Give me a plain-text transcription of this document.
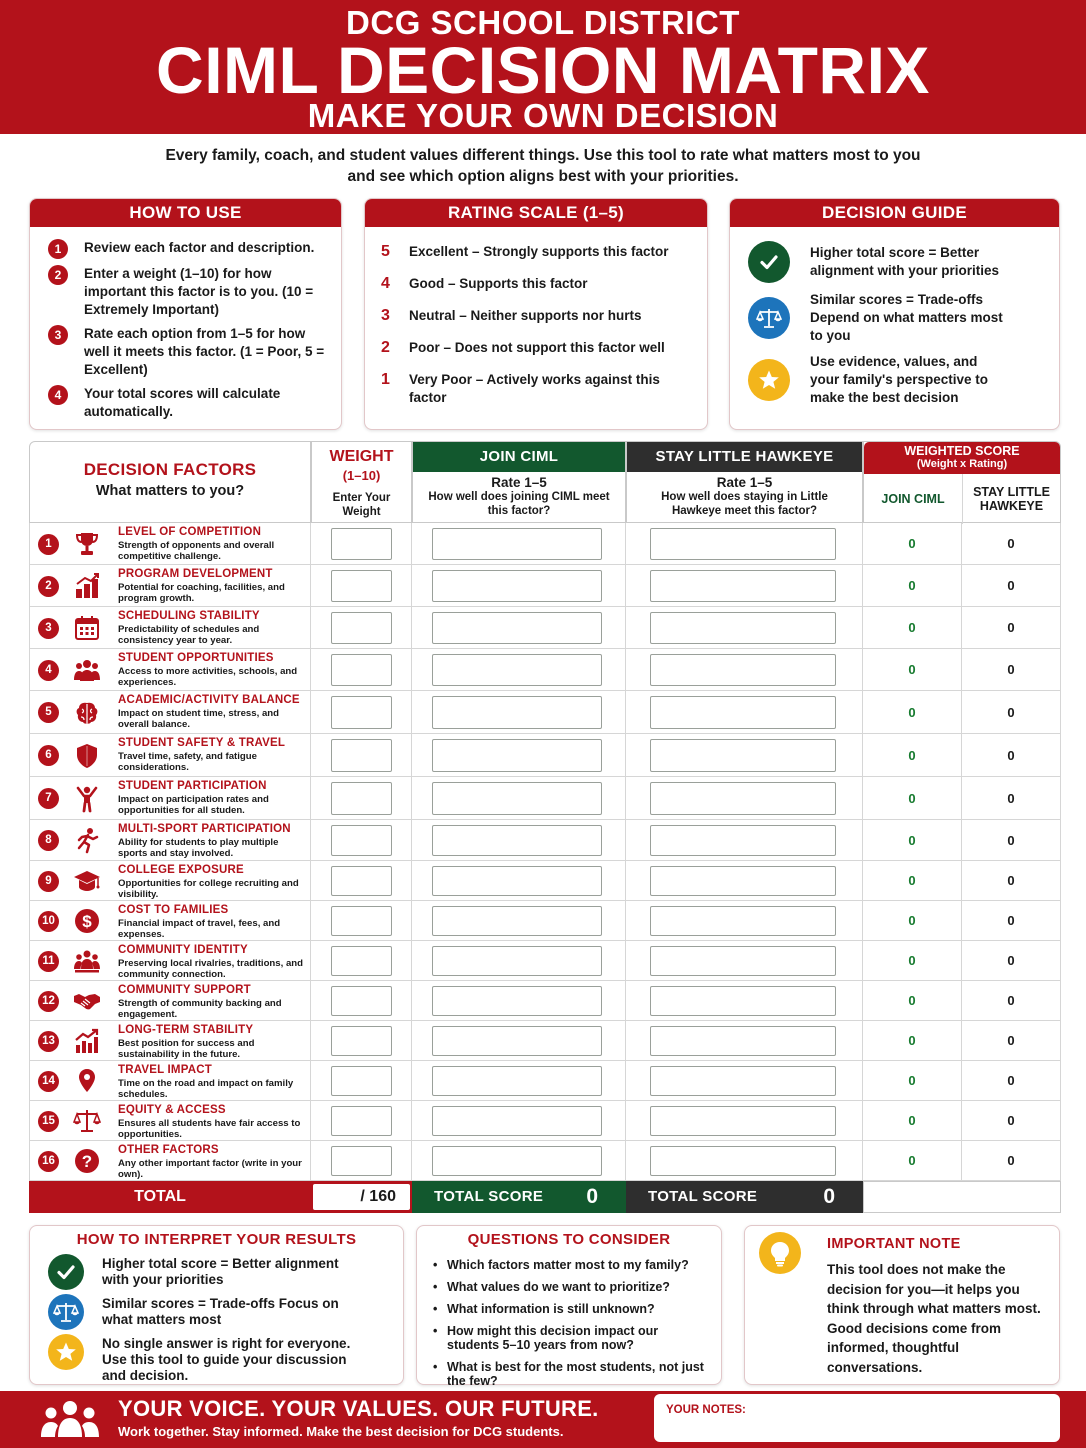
DCG SCHOOL DISTRICT
CIML DECISION MATRIX
MAKE YOUR OWN DECISION
Every family, coach, and student values different things. Use this tool to rate what matters most to you
and see which option aligns best with your priorities.
HOW TO USE
1	Review each factor and description.
2	Enter a weight (1–10) for how important this factor is to you. (10 = Extremely Important)
3	Rate each option from 1–5 for how well it meets this factor. (1 = Poor, 5 = Excellent)
4	Your total scores will calculate automatically.
RATING SCALE (1–5)
5	Excellent – Strongly supports this factor
4	Good – Supports this factor
3	Neutral – Neither supports nor hurts
2	Poor – Does not support this factor well
1	Very Poor – Actively works against this factor
DECISION GUIDE
Higher total score = Better alignment with your priorities
Similar scores = Trade-offs Depend on what matters most to you
Use evidence, values, and your family's perspective to make the best decision
DECISION FACTORS
What matters to you?
WEIGHT
(1–10)
Enter Your Weight
JOIN CIML
Rate 1–5
How well does joining CIML meet this factor?
STAY LITTLE HAWKEYE
Rate 1–5
How well does staying in Little Hawkeye meet this factor?
WEIGHTED SCORE
(Weight x Rating)
JOIN CIML	STAY LITTLE HAWKEYE
1
LEVEL OF COMPETITION
Strength of opponents and overall competitive challenge.
0	0
2
PROGRAM DEVELOPMENT
Potential for coaching, facilities, and program growth.
0	0
3
SCHEDULING STABILITY
Predictability of schedules and consistency year to year.
0	0
4
STUDENT OPPORTUNITIES
Access to more activities, schools, and experiences.
0	0
5
ACADEMIC/ACTIVITY BALANCE
Impact on student time, stress, and overall balance.
0	0
6
STUDENT SAFETY & TRAVEL
Travel time, safety, and fatigue considerations.
0	0
7
STUDENT PARTICIPATION
Impact on participation rates and opportunities for all studen.
0	0
8
MULTI-SPORT PARTICIPATION
Ability for students to play multiple sports and stay involved.
0	0
9
COLLEGE EXPOSURE
Opportunities for college recruiting and visibility.
0	0
10 $
COST TO FAMILIES
Financial impact of travel, fees, and expenses.
0	0
11
COMMUNITY IDENTITY
Preserving local rivalries, traditions, and community connection.
0	0
12
COMMUNITY SUPPORT
Strength of community backing and engagement.
0	0
13
LONG-TERM STABILITY
Best position for success and sustainability in the future.
0	0
14
TRAVEL IMPACT
Time on the road and impact on family schedules.
0	0
15
EQUITY & ACCESS
Ensures all students have fair access to opportunities.
0	0
16 ?
OTHER FACTORS
Any other important factor (write in your own).
0	0
TOTAL	/ 160	TOTAL SCORE 0	TOTAL SCORE	0
HOW TO INTERPRET YOUR RESULTS
Higher total score = Better alignment with your priorities
Similar scores = Trade-offs Focus on what matters most
No single answer is right for everyone. Use this tool to guide your discussion and decision.
QUESTIONS TO CONSIDER
• Which factors matter most to my family?
• What values do we want to prioritize?
• What information is still unknown?
• How might this decision impact our students 5–10 years from now?
• What is best for the most students, not just the few?
IMPORTANT NOTE
This tool does not make the decision for you—it helps you think through what matters most. Good decisions come from informed, thoughtful conversations.
YOUR VOICE. YOUR VALUES. OUR FUTURE.
Work together. Stay informed. Make the best decision for DCG students.
YOUR NOTES:
